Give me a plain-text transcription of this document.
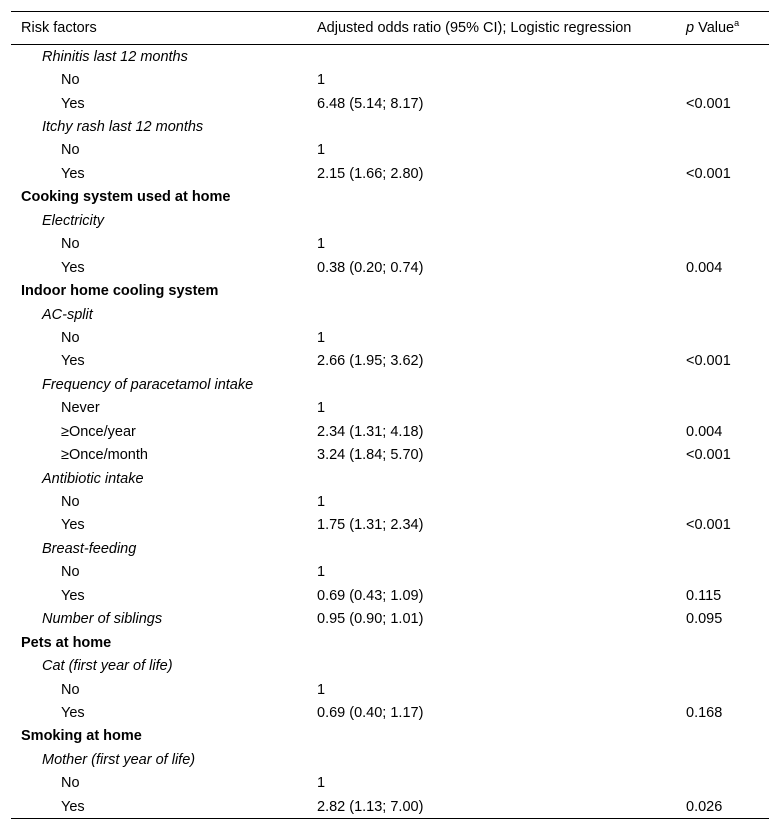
Risk factors	Adjusted odds ratio (95% CI); Logistic regression	p Value$^a$
Rhinitis last 12 months		
No	1	
Yes	6.48 (5.14; 8.17)	<0.001
Itchy rash last 12 months		
No	1	
Yes	2.15 (1.66; 2.80)	<0.001
Cooking system used at home		
Electricity		
No	1	
Yes	0.38 (0.20; 0.74)	0.004
Indoor home cooling system		
AC-split		
No	1	
Yes	2.66 (1.95; 3.62)	<0.001
Frequency of paracetamol intake		
Never	1	
≥Once/year	2.34 (1.31; 4.18)	0.004
≥Once/month	3.24 (1.84; 5.70)	<0.001
Antibiotic intake		
No	1	
Yes	1.75 (1.31; 2.34)	<0.001
Breast-feeding		
No	1	
Yes	0.69 (0.43; 1.09)	0.115
Number of siblings	0.95 (0.90; 1.01)	0.095
Pets at home		
Cat (first year of life)		
No	1	
Yes	0.69 (0.40; 1.17)	0.168
Smoking at home		
Mother (first year of life)		
No	1	
Yes	2.82 (1.13; 7.00)	0.026
